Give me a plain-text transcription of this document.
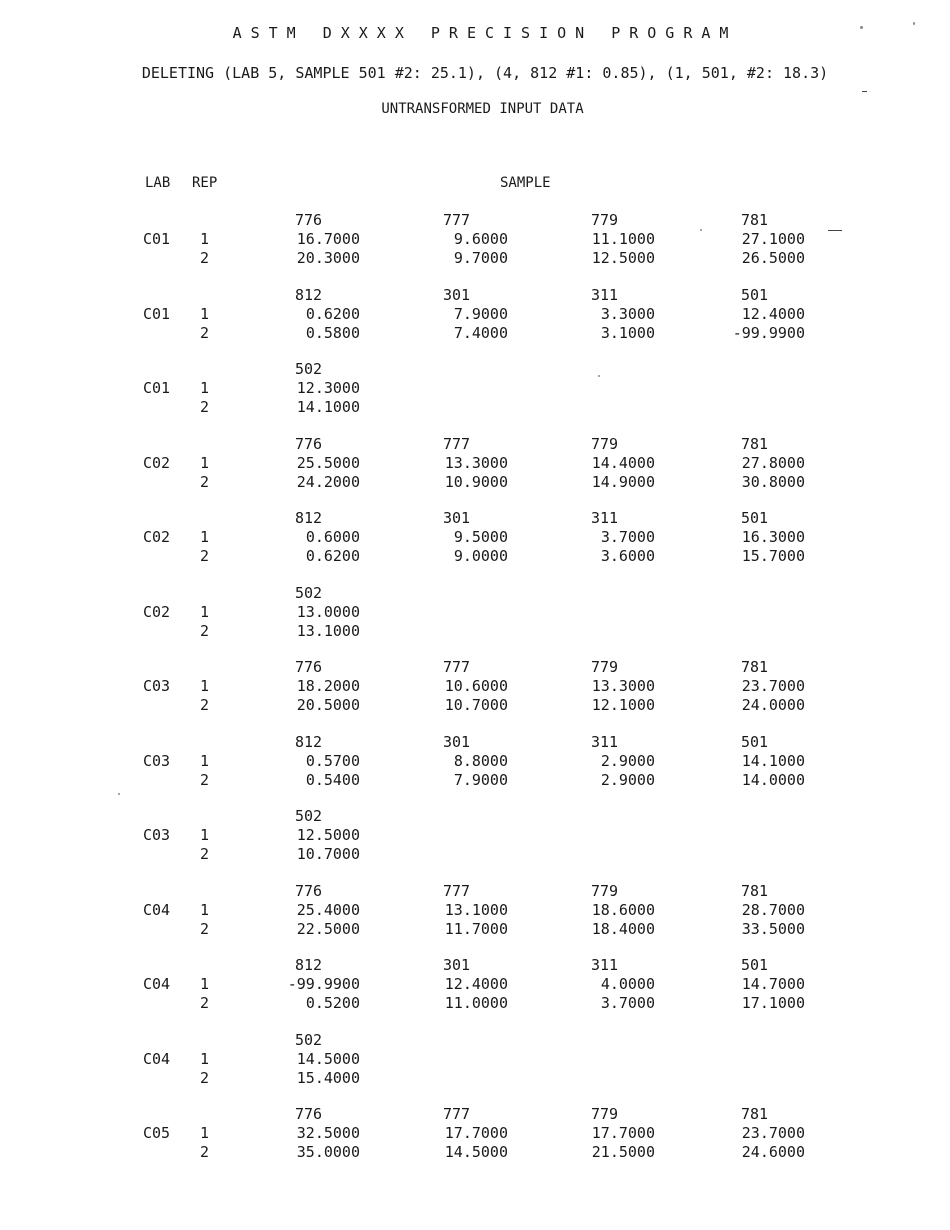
ASTM DXXXX PRECISION PROGRAM
DELETING (LAB 5, SAMPLE 501 #2: 25.1), (4, 812 #1: 0.85), (1, 501, #2: 18.3)
UNTRANSFORMED INPUT DATA
LAB REP	SAMPLE
776	777	779	781
C01 1	16.7000	9.6000	11.1000	27.1000
2	20.3000	9.7000	12.5000	26.5000
812	301	311	501
C01 1	0.6200	7.9000	3.3000	12.4000
2	0.5800	7.4000	3.1000	-99.9900
502
C01 1	12.3000
2	14.1000
776	777	779	781
C02 1	25.5000	13.3000	14.4000	27.8000
2	24.2000	10.9000	14.9000	30.8000
812	301	311	501
C02 1	0.6000	9.5000	3.7000	16.3000
2	0.6200	9.0000	3.6000	15.7000
502
C02 1	13.0000
2	13.1000
776	777	779	781
C03 1	18.2000	10.6000	13.3000	23.7000
2	20.5000	10.7000	12.1000	24.0000
812	301	311	501
C03 1	0.5700	8.8000	2.9000	14.1000
2	0.5400	7.9000	2.9000	14.0000
502
C03 1	12.5000
2	10.7000
776	777	779	781
C04 1	25.4000	13.1000	18.6000	28.7000
2	22.5000	11.7000	18.4000	33.5000
812	301	311	501
C04 1	-99.9900	12.4000	4.0000	14.7000
2	0.5200	11.0000	3.7000	17.1000
502
C04 1	14.5000
2	15.4000
776	777	779	781
C05 1	32.5000	17.7000	17.7000	23.7000
2	35.0000	14.5000	21.5000	24.6000
